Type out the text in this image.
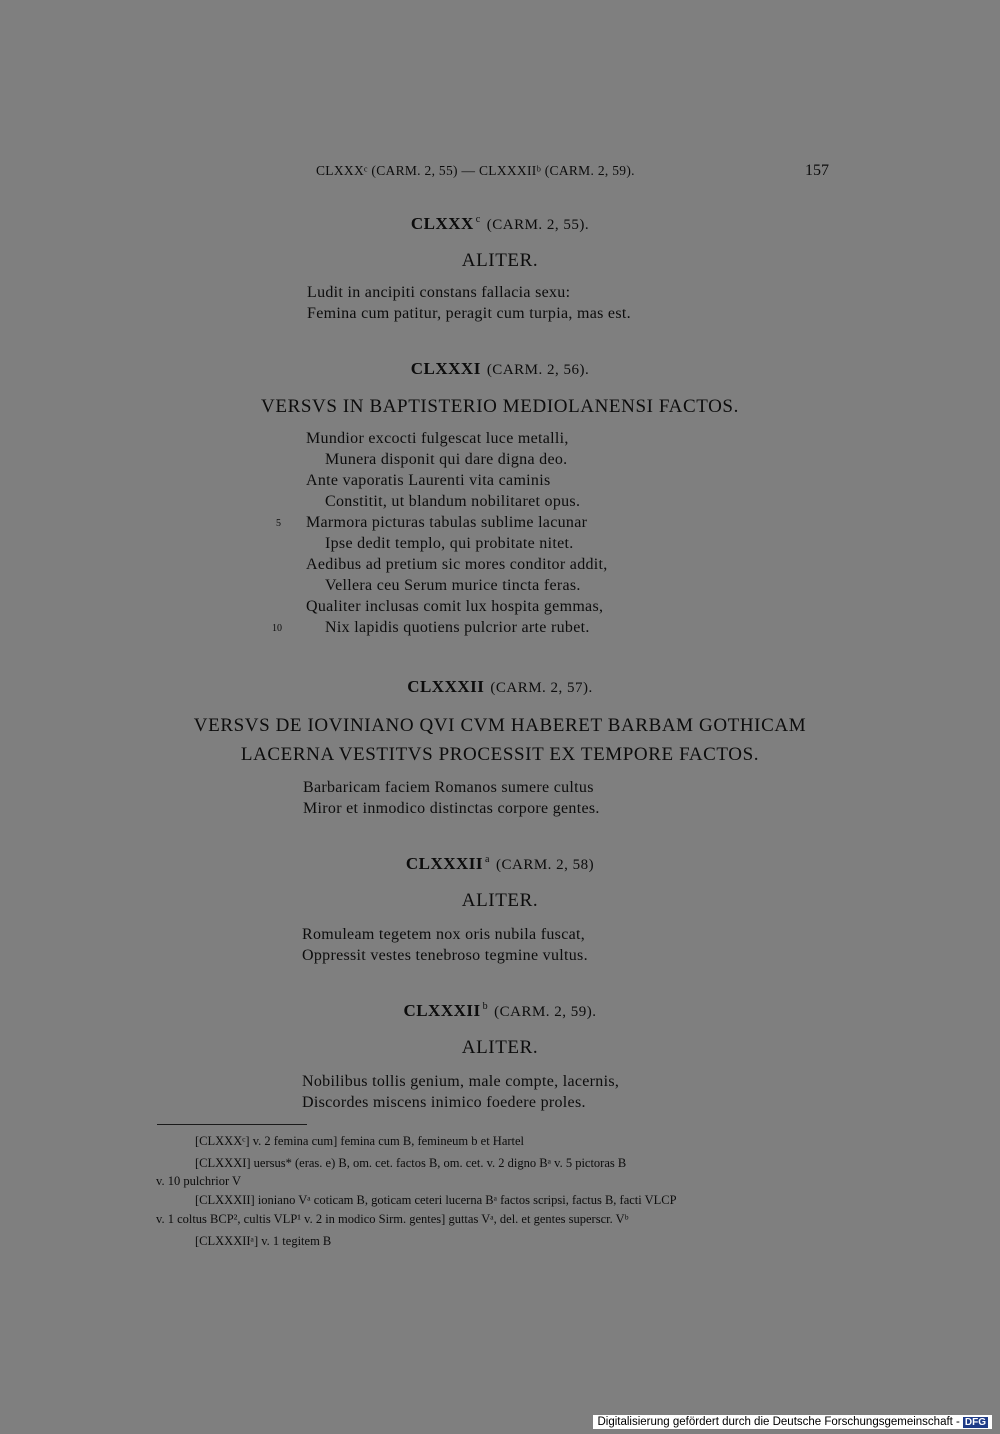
CLXXXᶜ (CARM. 2, 55) — CLXXXIIᵇ (CARM. 2, 59).	157
CLXXX $^c$ (CARM. 2, 55).
ALITER.
Ludit in ancipiti constans fallacia sexu:
Femina cum patitur, peragit cum turpia, mas est.
CLXXXI (CARM. 2, 56).
VERSVS IN BAPTISTERIO MEDIOLANENSI FACTOS.
Mundior excocti fulgescat luce metalli,
Munera disponit qui dare digna deo.
Ante vaporatis Laurenti vita caminis
Constitit, ut blandum nobilitaret opus.
5 Marmora picturas tabulas sublime lacunar
Ipse dedit templo, qui probitate nitet.
Aedibus ad pretium sic mores conditor addit,
Vellera ceu Serum murice tincta feras.
Qualiter inclusas comit lux hospita gemmas,
10	Nix lapidis quotiens pulcrior arte rubet.
CLXXXII (CARM. 2, 57).
VERSVS DE IOVINIANO QVI CVM HABERET BARBAM GOTHICAM
LACERNA VESTITVS PROCESSIT EX TEMPORE FACTOS.
Barbaricam faciem Romanos sumere cultus
Miror et inmodico distinctas corpore gentes.
CLXXXII $^a$ (CARM. 2, 58)
ALITER.
Romuleam tegetem nox oris nubila fuscat,
Oppressit vestes tenebroso tegmine vultus.
CLXXXII $^b$ (CARM. 2, 59).
ALITER.
Nobilibus tollis genium, male compte, lacernis,
Discordes miscens inimico foedere proles.
[CLXXXᶜ] v. 2 femina cum] femina cum B, femineum b et Hartel
[CLXXXI] uersus* (eras. e) B, om. cet. factos B, om. cet. v. 2 digno Bᵃ v. 5 pictoras B
v. 10 pulchrior V
[CLXXXII] ioniano Vᵃ coticam B, goticam ceteri lucerna Bᵃ factos scripsi, factus B, facti VLCP
v. 1 coltus BCP², cultis VLP¹ v. 2 in modico Sirm. gentes] guttas Vᵃ, del. et gentes superscr. Vᵇ
[CLXXXIIᵃ] v. 1 tegitem B
Digitalisierung gefördert durch die Deutsche Forschungsgemeinschaft - DFG
